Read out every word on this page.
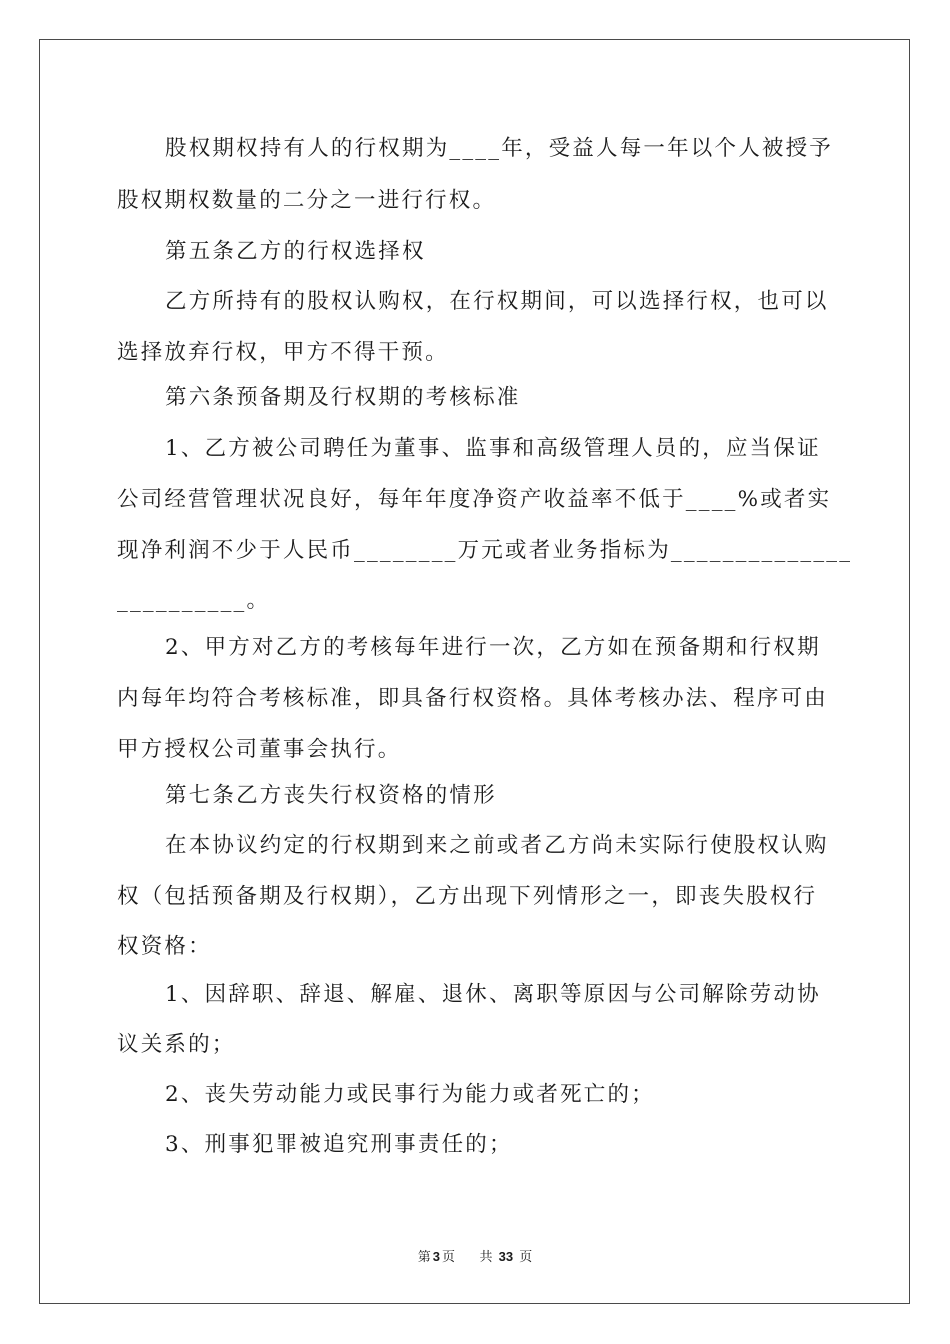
股权期权持有人的行权期为____年，受益人每一年以个人被授予
股权期权数量的二分之一进行行权。
第五条乙方的行权选择权
乙方所持有的股权认购权，在行权期间，可以选择行权，也可以
选择放弃行权，甲方不得干预。
第六条预备期及行权期的考核标准
1、乙方被公司聘任为董事、监事和高级管理人员的，应当保证
公司经营管理状况良好，每年年度净资产收益率不低于____%或者实
现净利润不少于人民币________万元或者业务指标为______________
__________。
2、甲方对乙方的考核每年进行一次，乙方如在预备期和行权期
内每年均符合考核标准，即具备行权资格。具体考核办法、程序可由
甲方授权公司董事会执行。
第七条乙方丧失行权资格的情形
在本协议约定的行权期到来之前或者乙方尚未实际行使股权认购
权（包括预备期及行权期），乙方出现下列情形之一，即丧失股权行
权资格：
1、因辞职、辞退、解雇、退休、离职等原因与公司解除劳动协
议关系的；
2、丧失劳动能力或民事行为能力或者死亡的；
3、刑事犯罪被追究刑事责任的；
第 3 页 共 33 页
